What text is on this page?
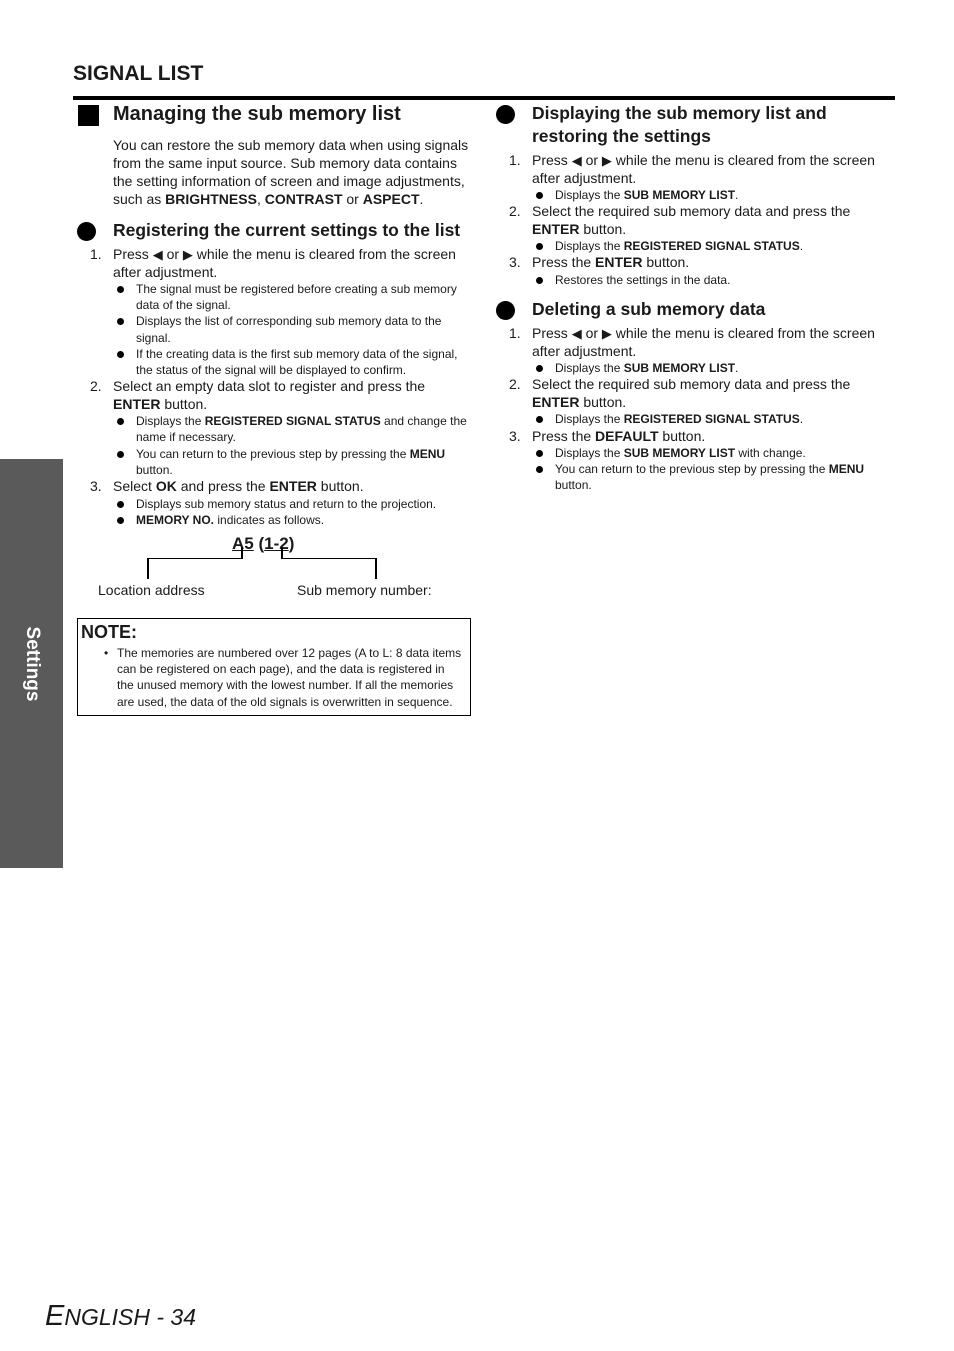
SIGNAL LIST
Settings
Managing the sub memory list

You can restore the sub memory data when using signals from the same input source. Sub memory data contains the setting information of screen and image adjustments, such as BRIGHTNESS, CONTRAST or ASPECT.

Registering the current settings to the list
1. Press ◀ or ▶ while the menu is cleared from the screen after adjustment.
The signal must be registered before creating a sub memory data of the signal.
Displays the list of corresponding sub memory data to the signal.
If the creating data is the first sub memory data of the signal, the status of the signal will be displayed to confirm.
2. Select an empty data slot to register and press the ENTER button.
Displays the REGISTERED SIGNAL STATUS and change the name if necessary.
You can return to the previous step by pressing the MENU button.
3. Select OK and press the ENTER button.
Displays sub memory status and return to the projection.
MEMORY NO. indicates as follows.
A5 (1-2)
Location address	Sub memory number:
NOTE:
• The memories are numbered over 12 pages (A to L: 8 data items can be registered on each page), and the data is registered in the unused memory with the lowest number. If all the memories are used, the data of the old signals is overwritten in sequence.
Displaying the sub memory list and restoring the settings
1. Press ◀ or ▶ while the menu is cleared from the screen after adjustment.
Displays the SUB MEMORY LIST.
2. Select the required sub memory data and press the ENTER button.
Displays the REGISTERED SIGNAL STATUS.
3. Press the ENTER button.
Restores the settings in the data.
Deleting a sub memory data
1. Press ◀ or ▶ while the menu is cleared from the screen after adjustment.
Displays the SUB MEMORY LIST.
2. Select the required sub memory data and press the ENTER button.
Displays the REGISTERED SIGNAL STATUS.
3. Press the DEFAULT button.
Displays the SUB MEMORY LIST with change.
You can return to the previous step by pressing the MENU button.
ENGLISH - 34
